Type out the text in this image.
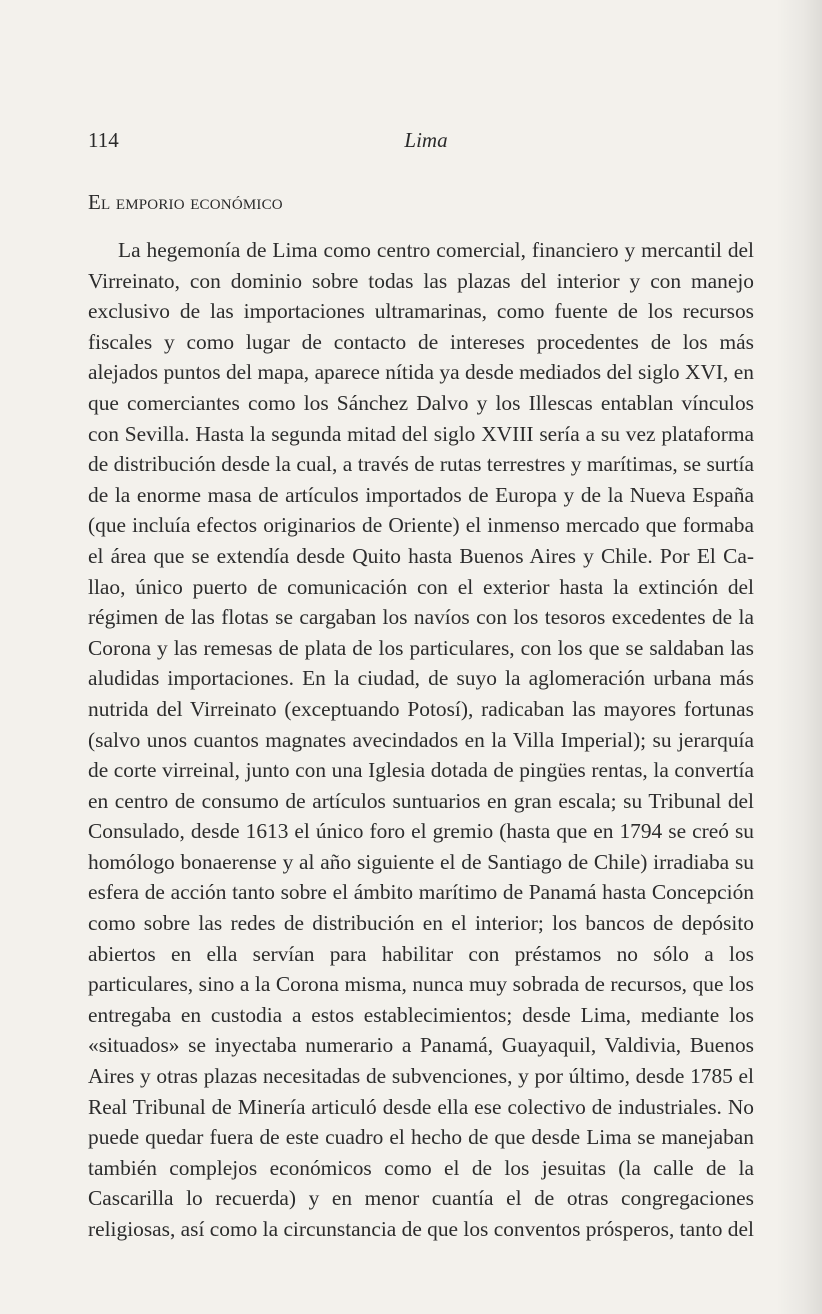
114	Lima
El emporio económico

La hegemonía de Lima como centro comercial, financiero y mercantil del Virreinato, con dominio sobre todas las plazas del interior y con manejo exclusivo de las importaciones ultramarinas, como fuente de los recursos fiscales y como lugar de contacto de intereses procedentes de los más alejados puntos del mapa, aparece nítida ya desde mediados del siglo XVI, en que comerciantes como los Sánchez Dalvo y los Illescas entablan vínculos con Sevilla. Hasta la segunda mitad del siglo XVIII sería a su vez plataforma de distribución desde la cual, a través de rutas terrestres y marítimas, se surtía de la enorme masa de artículos importados de Europa y de la Nueva España (que incluía efectos originarios de Oriente) el inmenso mercado que formaba el área que se extendía desde Quito hasta Buenos Aires y Chile. Por El Callao, único puerto de comunicación con el exterior hasta la extinción del régimen de las flotas se cargaban los navíos con los tesoros excedentes de la Corona y las remesas de plata de los particulares, con los que se saldaban las aludidas importaciones. En la ciudad, de suyo la aglomeración urbana más nutrida del Virreinato (exceptuando Potosí), radicaban las mayores fortunas (salvo unos cuantos magnates avecindados en la Villa Imperial); su jerarquía de corte virreinal, junto con una Iglesia dotada de pingües rentas, la convertía en centro de consumo de artículos suntuarios en gran escala; su Tribunal del Consulado, desde 1613 el único foro el gremio (hasta que en 1794 se creó su homólogo bonaerense y al año siguiente el de Santiago de Chile) irradiaba su esfera de acción tanto sobre el ámbito marítimo de Panamá hasta Concepción como sobre las redes de distribución en el interior; los bancos de depósito abiertos en ella servían para habilitar con préstamos no sólo a los particulares, sino a la Corona misma, nunca muy sobrada de recursos, que los entregaba en custodia a estos establecimientos; desde Lima, mediante los «situados» se inyectaba numerario a Panamá, Guayaquil, Valdivia, Buenos Aires y otras plazas necesitadas de subvenciones, y por último, desde 1785 el Real Tribunal de Minería articuló desde ella ese colectivo de industriales. No puede quedar fuera de este cuadro el hecho de que desde Lima se manejaban también complejos económicos como el de los jesuitas (la calle de la Cascarilla lo recuerda) y en menor cuantía el de otras congregaciones religiosas, así como la circunstancia de que los conventos prósperos, tanto del
